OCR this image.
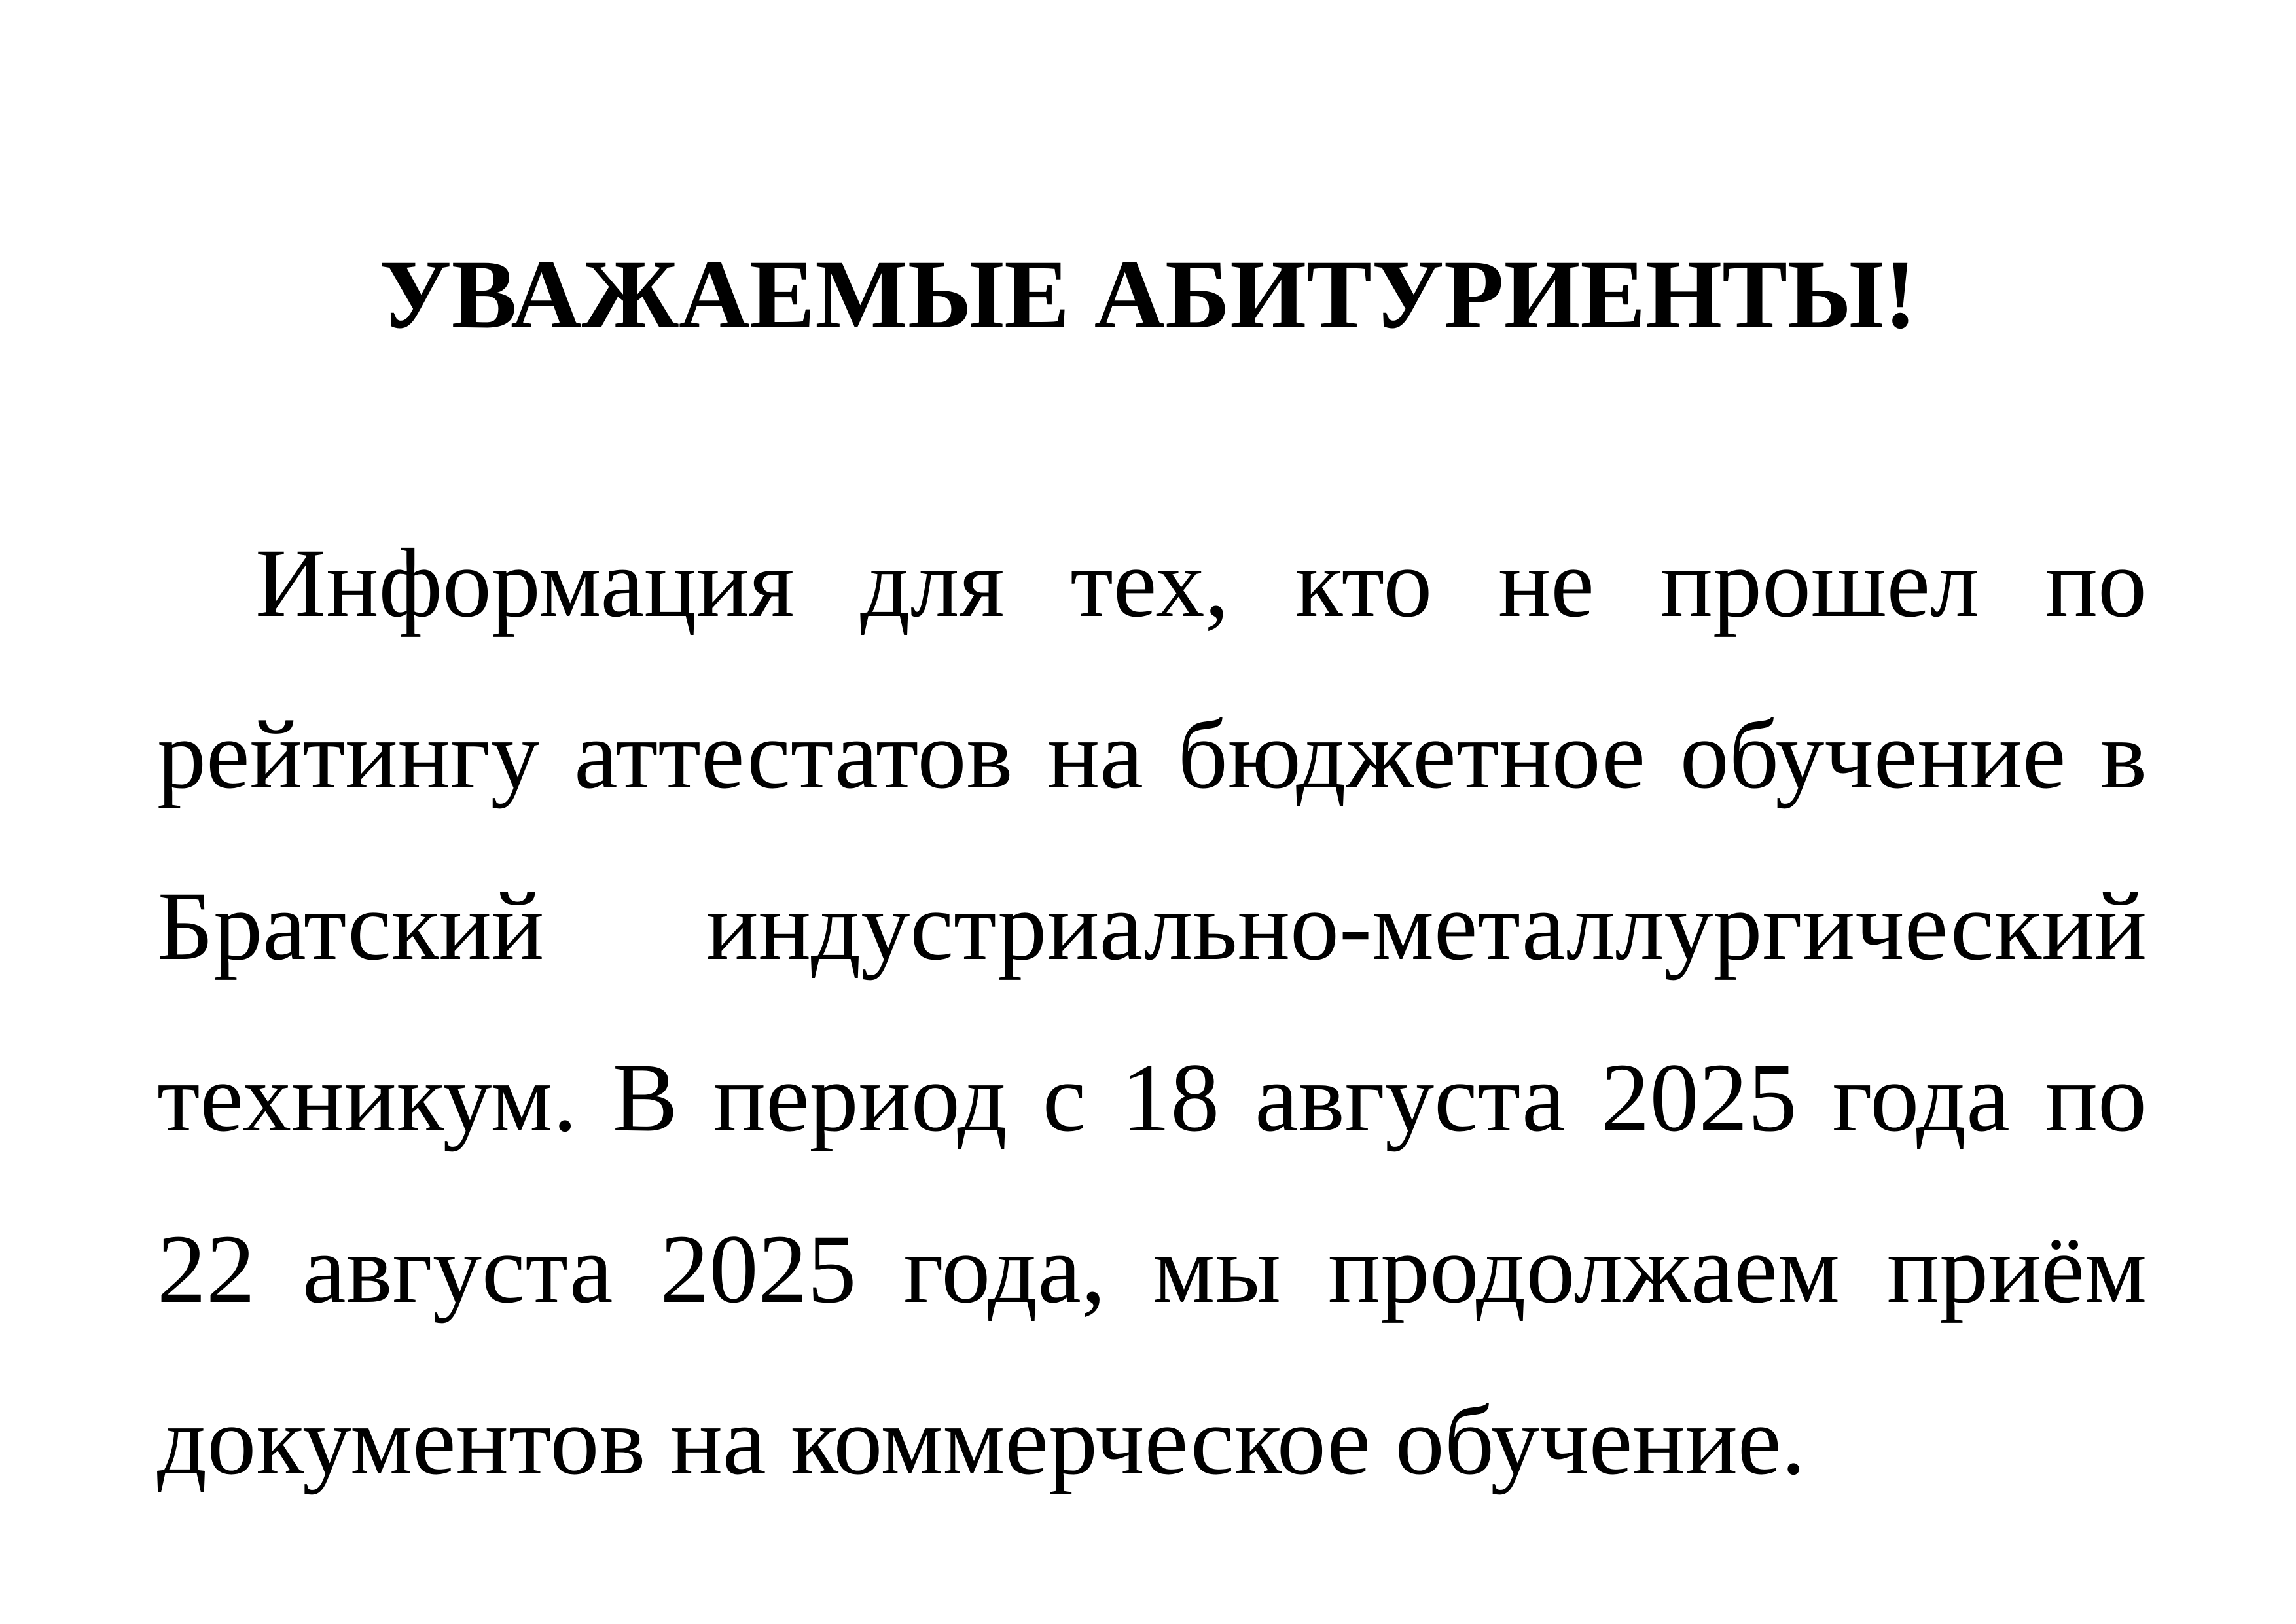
УВАЖАЕМЫЕ АБИТУРИЕНТЫ!

Информация для тех, кто не прошел по рейтингу аттестатов на бюджетное обучение в Братский индустриально-металлургический техникум. В период с 18 августа 2025 года по 22 августа 2025 года, мы продолжаем приём документов на коммерческое обучение.
